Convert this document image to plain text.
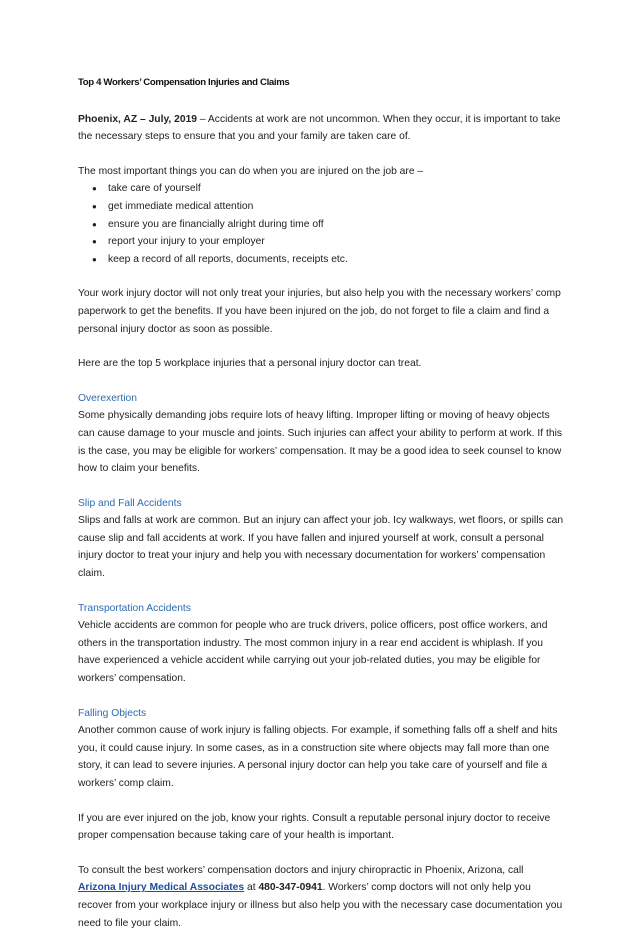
Top 4 Workers’ Compensation Injuries and Claims

Phoenix, AZ – July, 2019 – Accidents at work are not uncommon. When they occur, it is important to take the necessary steps to ensure that you and your family are taken care of.

The most important things you can do when you are injured on the job are –
● take care of yourself
● get immediate medical attention
● ensure you are financially alright during time off
● report your injury to your employer
● keep a record of all reports, documents, receipts etc.

Your work injury doctor will not only treat your injuries, but also help you with the necessary workers’ comp paperwork to get the benefits. If you have been injured on the job, do not forget to file a claim and find a personal injury doctor as soon as possible.

Here are the top 5 workplace injuries that a personal injury doctor can treat.

Overexertion

Some physically demanding jobs require lots of heavy lifting. Improper lifting or moving of heavy objects can cause damage to your muscle and joints. Such injuries can affect your ability to perform at work. If this is the case, you may be eligible for workers’ compensation. It may be a good idea to seek counsel to know how to claim your benefits.

Slip and Fall Accidents

Slips and falls at work are common. But an injury can affect your job. Icy walkways, wet floors, or spills can cause slip and fall accidents at work. If you have fallen and injured yourself at work, consult a personal injury doctor to treat your injury and help you with necessary documentation for workers’ compensation claim.

Transportation Accidents

Vehicle accidents are common for people who are truck drivers, police officers, post office workers, and others in the transportation industry. The most common injury in a rear end accident is whiplash. If you have experienced a vehicle accident while carrying out your job-related duties, you may be eligible for workers’ compensation.

Falling Objects

Another common cause of work injury is falling objects. For example, if something falls off a shelf and hits you, it could cause injury. In some cases, as in a construction site where objects may fall more than one story, it can lead to severe injuries. A personal injury doctor can help you take care of yourself and file a workers’ comp claim.

If you are ever injured on the job, know your rights. Consult a reputable personal injury doctor to receive proper compensation because taking care of your health is important.

To consult the best workers’ compensation doctors and injury chiropractic in Phoenix, Arizona, call Arizona Injury Medical Associates at 480-347-0941. Workers’ comp doctors will not only help you recover from your workplace injury or illness but also help you with the necessary case documentation you need to file your claim.
